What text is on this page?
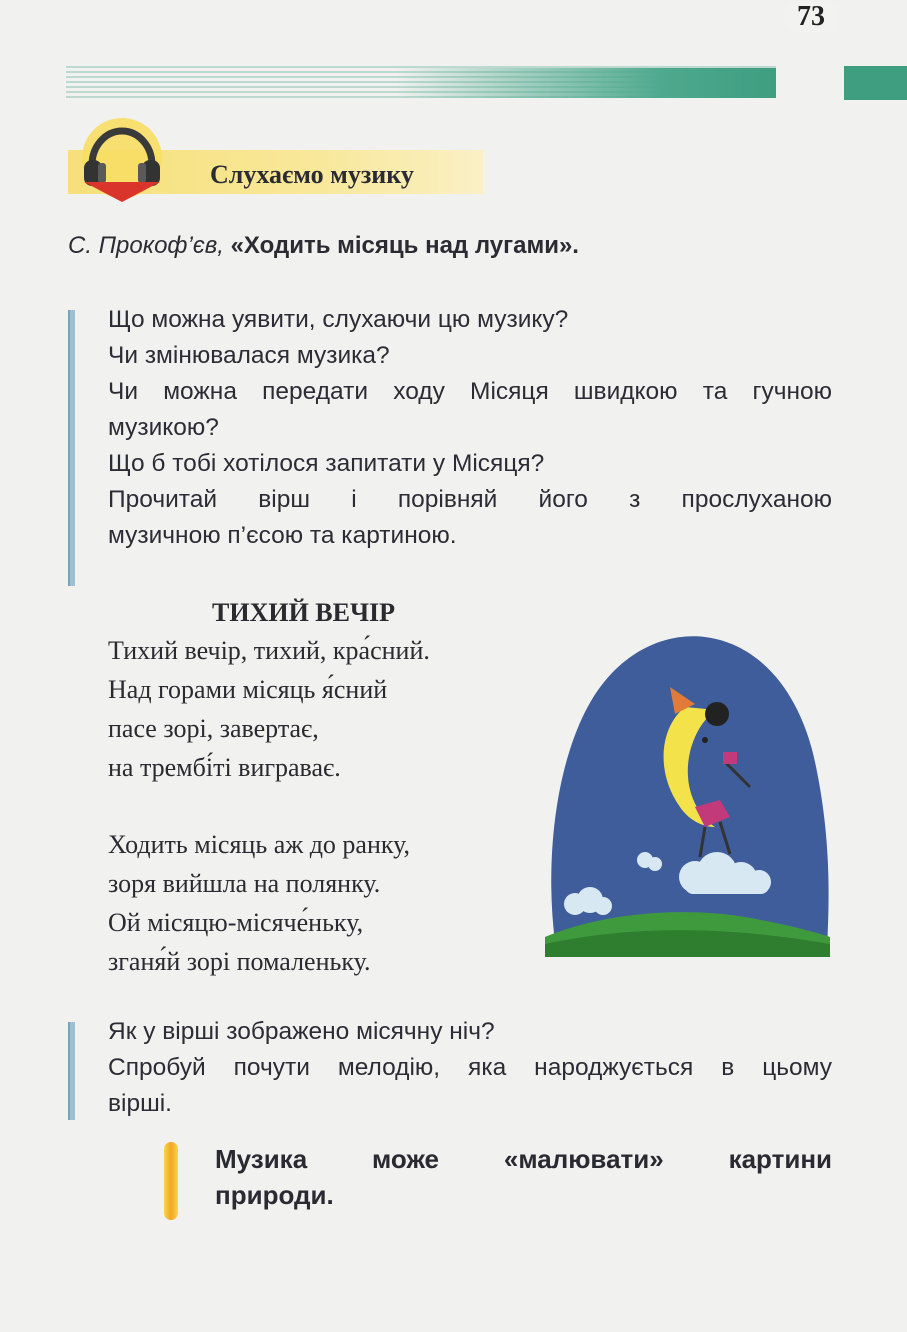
73
Слухаємо музику
С. Прокоф’єв, «Ходить місяць над лугами».
Що можна уявити, слухаючи цю музику?
Чи змінювалася музика?
Чи можна передати ходу Місяця швидкою та гучною
музикою?
Що б тобі хотілося запитати у Місяця?
Прочитай вірш і порівняй його з прослуханою
музичною п’єсою та картиною.
ТИХИЙ ВЕЧІР
Тихий вечір, тихий, кра́сний.
Над горами місяць я́сний
пасе зорі, завертає,
на трембі́ті виграває.
Ходить місяць аж до ранку,
зоря вийшла на полянку.
Ой місяцю-місяче́ньку,
зганя́й зорі помаленьку.
Як у вірші зображено місячну ніч?
Спробуй почути мелодію, яка народжується в цьому
вірші.
Музика може «малювати» картини
природи.
